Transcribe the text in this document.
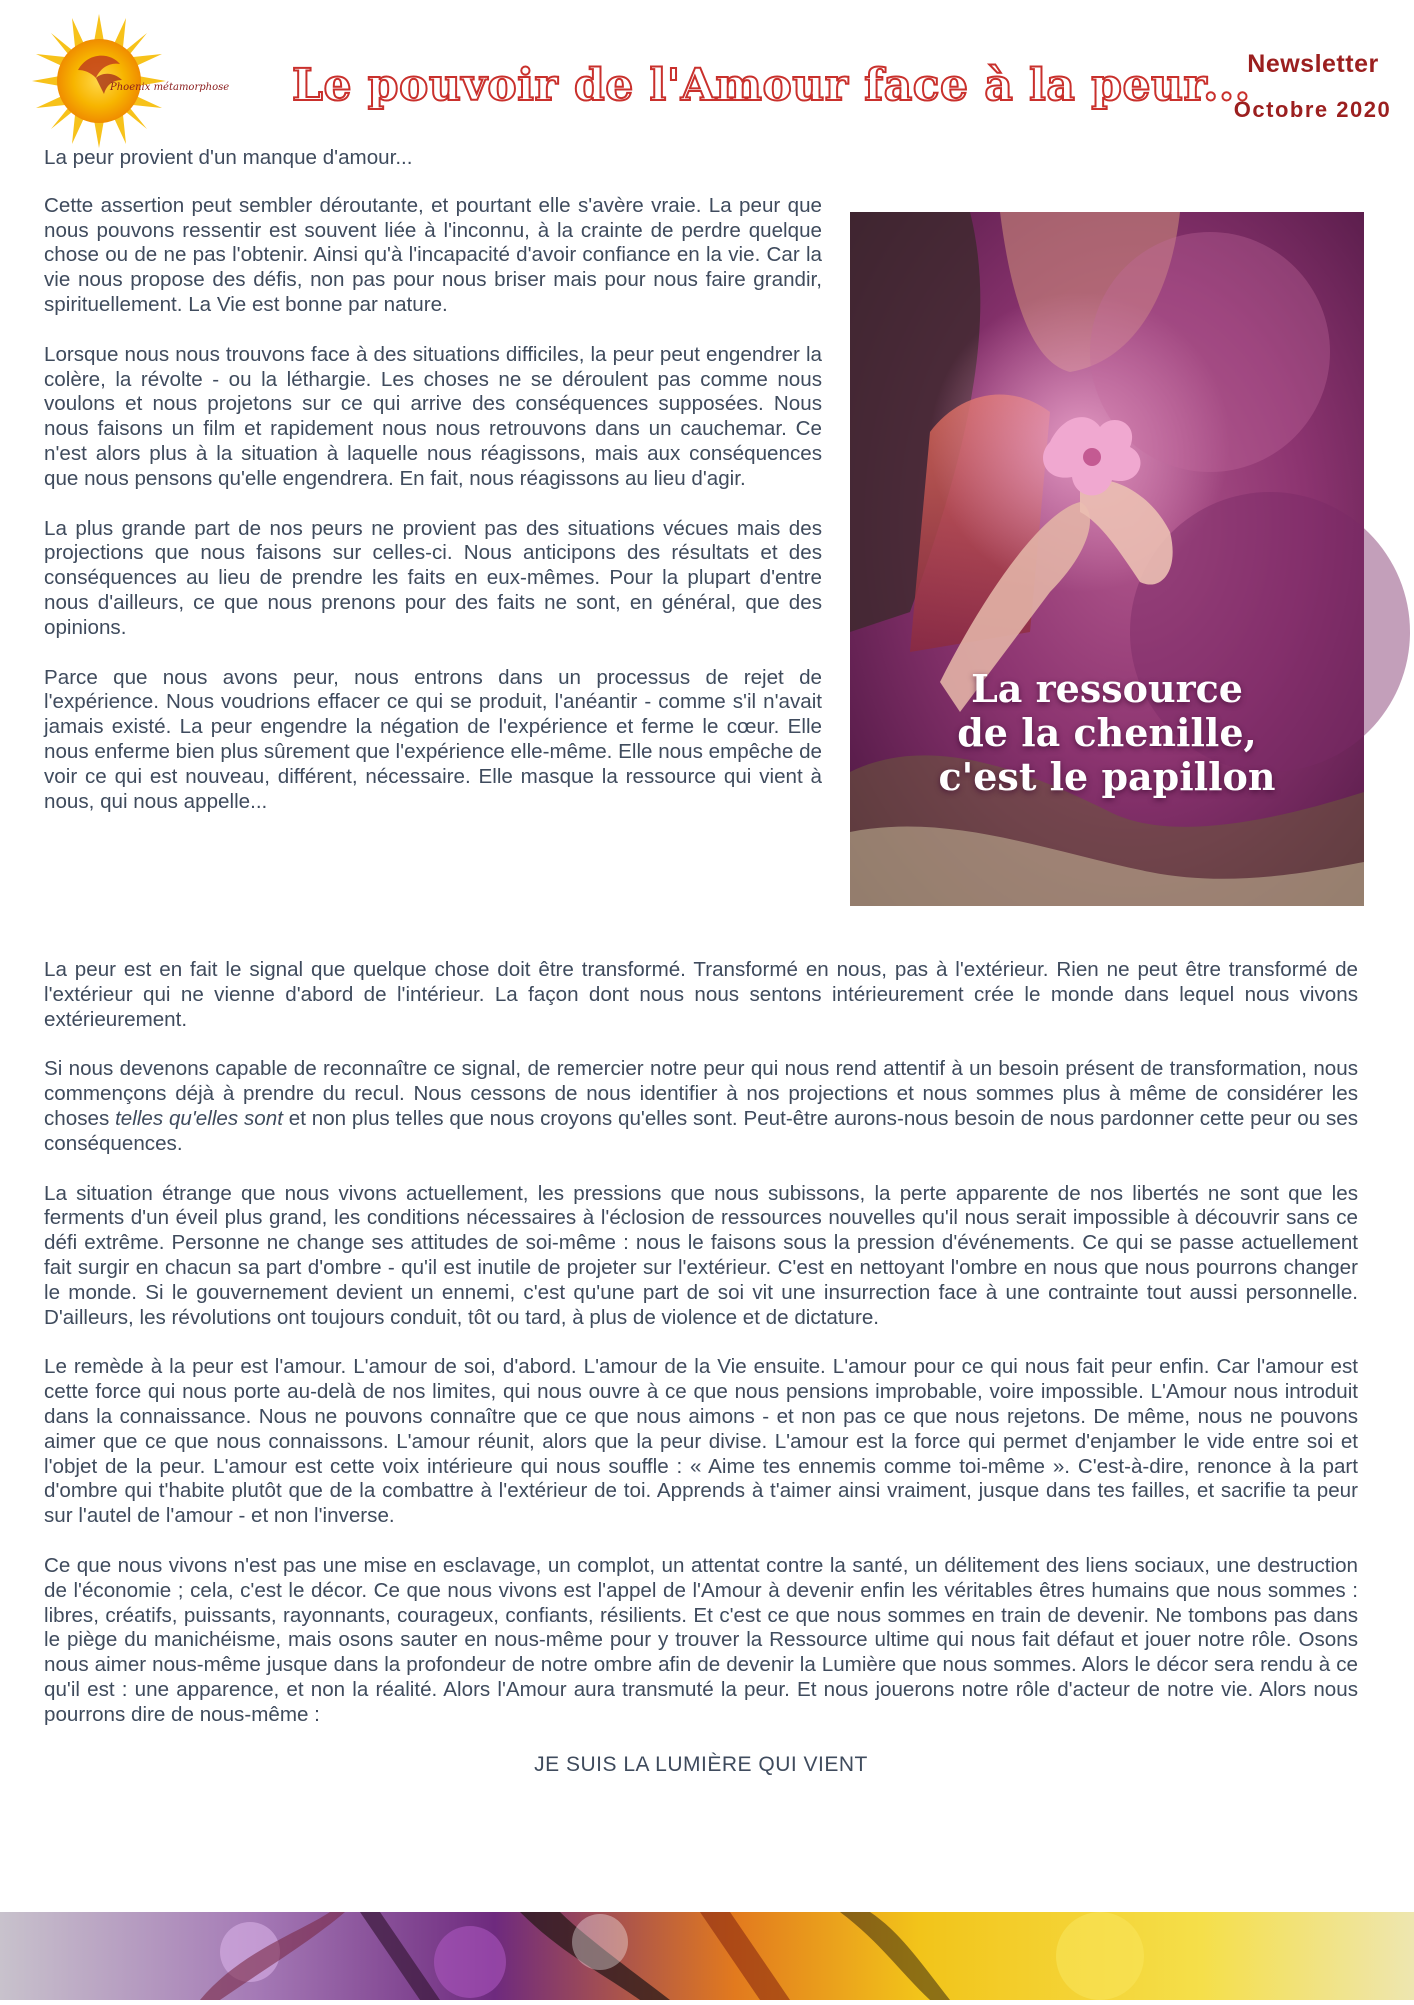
Phoenix métamorphose Le pouvoir de l'Amour face à la peur...
Newsletter
Octobre 2020

La peur provient d'un manque d'amour...

Cette assertion peut sembler déroutante, et pourtant elle s'avère vraie. La peur que nous pouvons ressentir est souvent liée à l'inconnu, à la crainte de perdre quelque chose ou de ne pas l'obtenir. Ainsi qu'à l'incapacité d'avoir confiance en la vie. Car la vie nous propose des défis, non pas pour nous briser mais pour nous faire grandir, spirituellement. La Vie est bonne par nature.

Lorsque nous nous trouvons face à des situations difficiles, la peur peut engendrer la colère, la révolte - ou la léthargie. Les choses ne se déroulent pas comme nous voulons et nous projetons sur ce qui arrive des conséquences supposées. Nous nous faisons un film et rapidement nous nous retrouvons dans un cauchemar. Ce n'est alors plus à la situation à laquelle nous réagissons, mais aux conséquences que nous pensons qu'elle engendrera. En fait, nous réagissons au lieu d'agir.

La plus grande part de nos peurs ne provient pas des situations vécues mais des projections que nous faisons sur celles-ci. Nous anticipons des résultats et des conséquences au lieu de prendre les faits en eux-mêmes. Pour la plupart d'entre nous d'ailleurs, ce que nous prenons pour des faits ne sont, en général, que des opinions.

Parce que nous avons peur, nous entrons dans un processus de rejet de l'expérience. Nous voudrions effacer ce qui se produit, l'anéantir - comme s'il n'avait jamais existé. La peur engendre la négation de l'expérience et ferme le cœur. Elle nous enferme bien plus sûrement que l'expérience elle-même. Elle nous empêche de voir ce qui est nouveau, différent, nécessaire. Elle masque la ressource qui vient à nous, qui nous appelle...

La ressource
de la chenille,
c'est le papillon

La peur est en fait le signal que quelque chose doit être transformé. Transformé en nous, pas à l'extérieur. Rien ne peut être transformé de l'extérieur qui ne vienne d'abord de l'intérieur. La façon dont nous nous sentons intérieurement crée le monde dans lequel nous vivons extérieurement.

Si nous devenons capable de reconnaître ce signal, de remercier notre peur qui nous rend attentif à un besoin présent de transformation, nous commençons déjà à prendre du recul. Nous cessons de nous identifier à nos projections et nous sommes plus à même de considérer les choses telles qu'elles sont et non plus telles que nous croyons qu'elles sont. Peut-être aurons-nous besoin de nous pardonner cette peur ou ses conséquences.

La situation étrange que nous vivons actuellement, les pressions que nous subissons, la perte apparente de nos libertés ne sont que les ferments d'un éveil plus grand, les conditions nécessaires à l'éclosion de ressources nouvelles qu'il nous serait impossible à découvrir sans ce défi extrême. Personne ne change ses attitudes de soi-même : nous le faisons sous la pression d'événements. Ce qui se passe actuellement fait surgir en chacun sa part d'ombre - qu'il est inutile de projeter sur l'extérieur. C'est en nettoyant l'ombre en nous que nous pourrons changer le monde. Si le gouvernement devient un ennemi, c'est qu'une part de soi vit une insurrection face à une contrainte tout aussi personnelle. D'ailleurs, les révolutions ont toujours conduit, tôt ou tard, à plus de violence et de dictature.

Le remède à la peur est l'amour. L'amour de soi, d'abord. L'amour de la Vie ensuite. L'amour pour ce qui nous fait peur enfin. Car l'amour est cette force qui nous porte au-delà de nos limites, qui nous ouvre à ce que nous pensions improbable, voire impossible. L'Amour nous introduit dans la connaissance. Nous ne pouvons connaître que ce que nous aimons - et non pas ce que nous rejetons. De même, nous ne pouvons aimer que ce que nous connaissons. L'amour réunit, alors que la peur divise. L'amour est la force qui permet d'enjamber le vide entre soi et l'objet de la peur. L'amour est cette voix intérieure qui nous souffle : « Aime tes ennemis comme toi-même ». C'est-à-dire, renonce à la part d'ombre qui t'habite plutôt que de la combattre à l'extérieur de toi. Apprends à t'aimer ainsi vraiment, jusque dans tes failles, et sacrifie ta peur sur l'autel de l'amour - et non l'inverse.

Ce que nous vivons n'est pas une mise en esclavage, un complot, un attentat contre la santé, un délitement des liens sociaux, une destruction de l'économie ; cela, c'est le décor. Ce que nous vivons est l'appel de l'Amour à devenir enfin les véritables êtres humains que nous sommes : libres, créatifs, puissants, rayonnants, courageux, confiants, résilients. Et c'est ce que nous sommes en train de devenir. Ne tombons pas dans le piège du manichéisme, mais osons sauter en nous-même pour y trouver la Ressource ultime qui nous fait défaut et jouer notre rôle. Osons nous aimer nous-même jusque dans la profondeur de notre ombre afin de devenir la Lumière que nous sommes. Alors le décor sera rendu à ce qu'il est : une apparence, et non la réalité. Alors l'Amour aura transmuté la peur. Et nous jouerons notre rôle d'acteur de notre vie. Alors nous pourrons dire de nous-même :

JE SUIS LA LUMIÈRE QUI VIENT
